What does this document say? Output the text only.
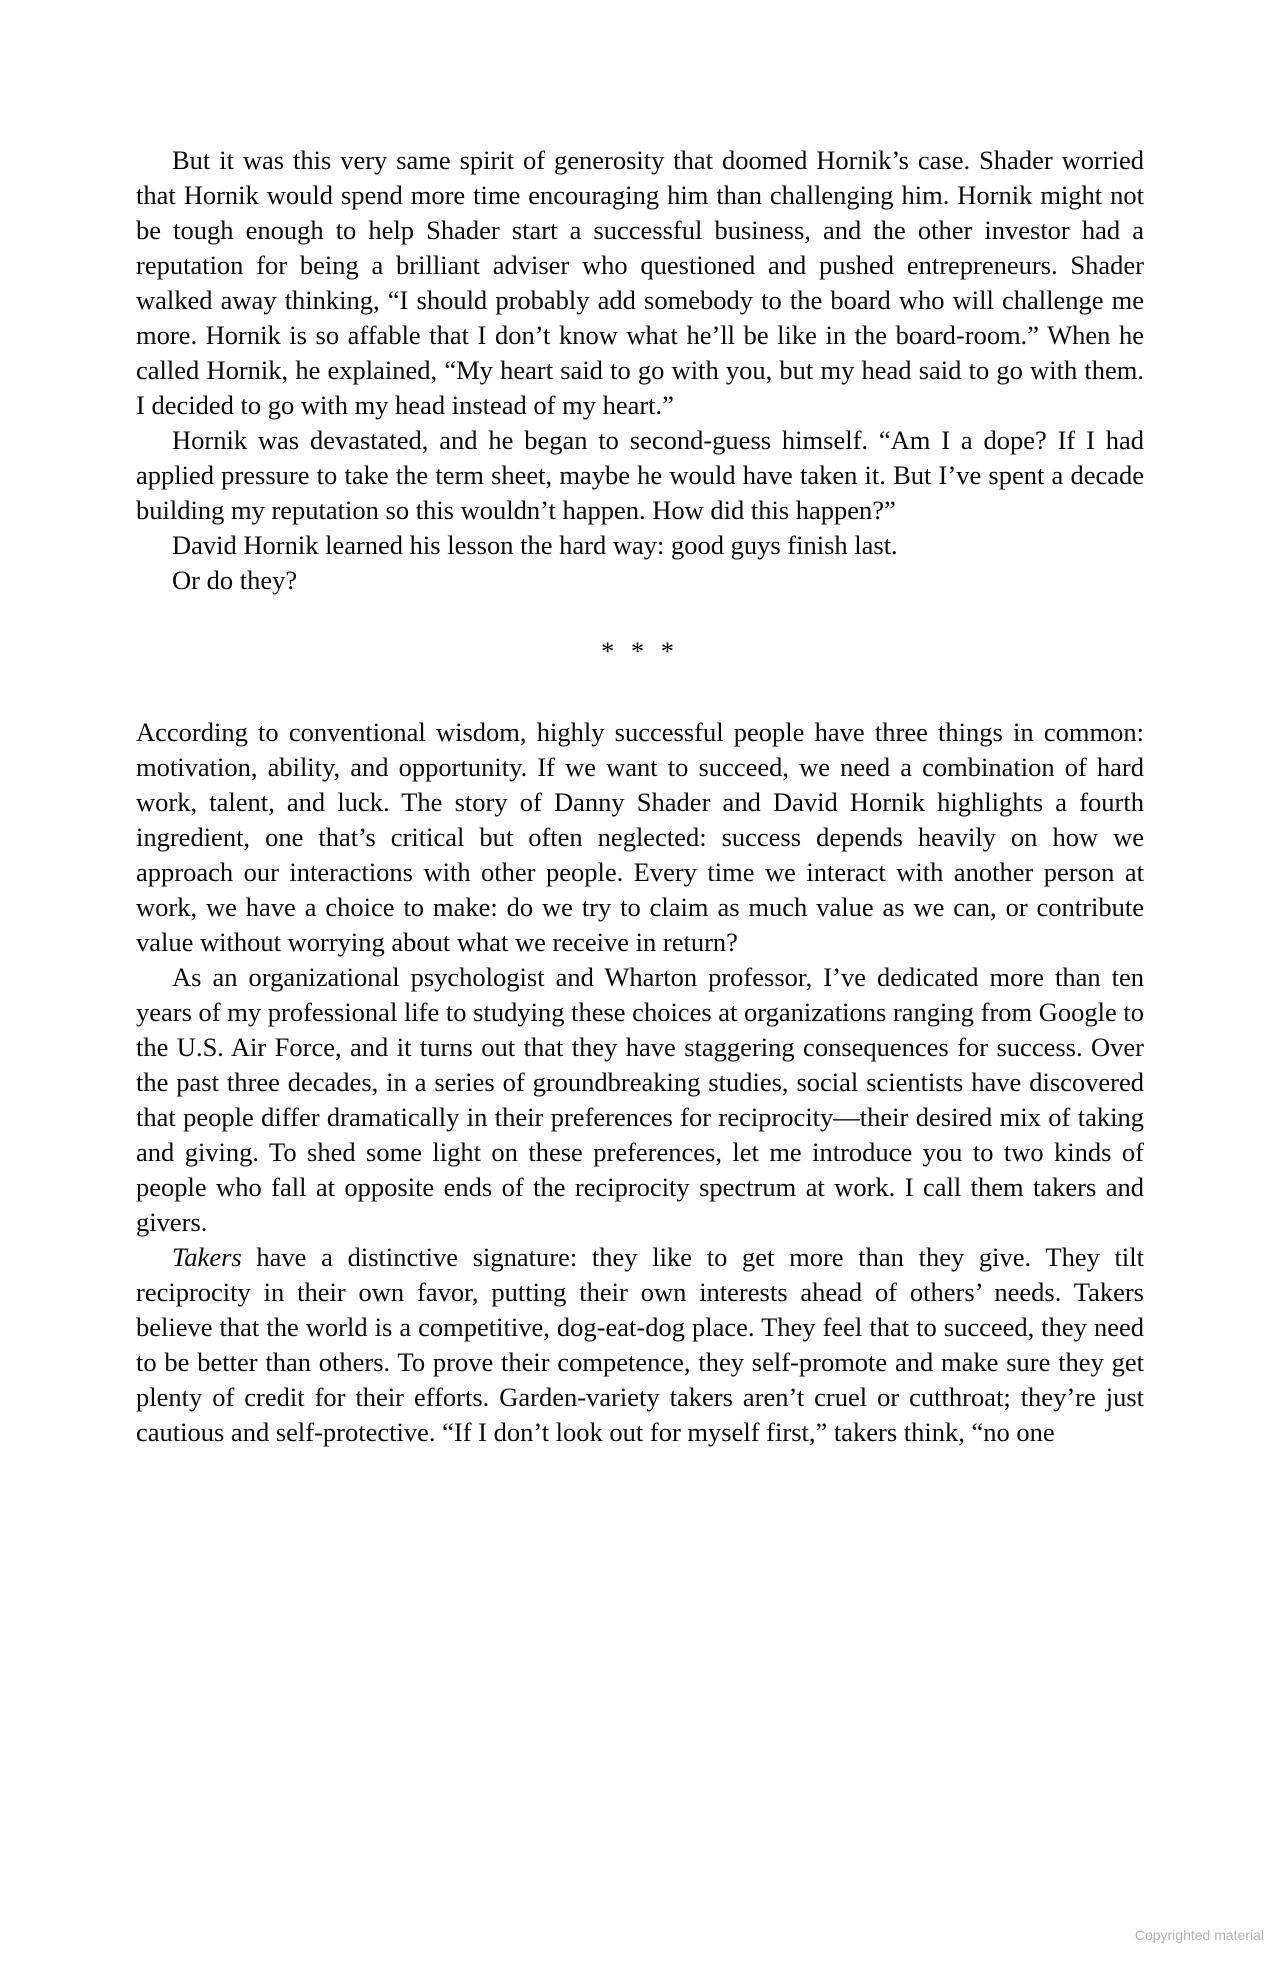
But it was this very same spirit of generosity that doomed Hornik’s case. Shader worried that Hornik would spend more time encouraging him than challenging him. Hornik might not be tough enough to help Shader start a successful business, and the other investor had a reputation for being a brilliant adviser who questioned and pushed entrepreneurs. Shader walked away thinking, “I should probably add somebody to the board who will challenge me more. Hornik is so affable that I don’t know what he’ll be like in the board-room.” When he called Hornik, he explained, “My heart said to go with you, but my head said to go with them. I decided to go with my head instead of my heart.”

Hornik was devastated, and he began to second-guess himself. “Am I a dope? If I had applied pressure to take the term sheet, maybe he would have taken it. But I’ve spent a decade building my reputation so this wouldn’t happen. How did this happen?”

David Hornik learned his lesson the hard way: good guys finish last.

Or do they?

* * *

According to conventional wisdom, highly successful people have three things in common: motivation, ability, and opportunity. If we want to succeed, we need a combination of hard work, talent, and luck. The story of Danny Shader and David Hornik highlights a fourth ingredient, one that’s critical but often neglected: success depends heavily on how we approach our interactions with other people. Every time we interact with another person at work, we have a choice to make: do we try to claim as much value as we can, or contribute value without worrying about what we receive in return?

As an organizational psychologist and Wharton professor, I’ve dedicated more than ten years of my professional life to studying these choices at organizations ranging from Google to the U.S. Air Force, and it turns out that they have staggering consequences for success. Over the past three decades, in a series of groundbreaking studies, social scientists have discovered that people differ dramatically in their preferences for reciprocity—their desired mix of taking and giving. To shed some light on these preferences, let me introduce you to two kinds of people who fall at opposite ends of the reciprocity spectrum at work. I call them takers and givers.

Takers have a distinctive signature: they like to get more than they give. They tilt reciprocity in their own favor, putting their own interests ahead of others’ needs. Takers believe that the world is a competitive, dog-eat-dog place. They feel that to succeed, they need to be better than others. To prove their competence, they self-promote and make sure they get plenty of credit for their efforts. Garden-variety takers aren’t cruel or cutthroat; they’re just cautious and self-protective. “If I don’t look out for myself first,” takers think, “no one

Copyrighted material
